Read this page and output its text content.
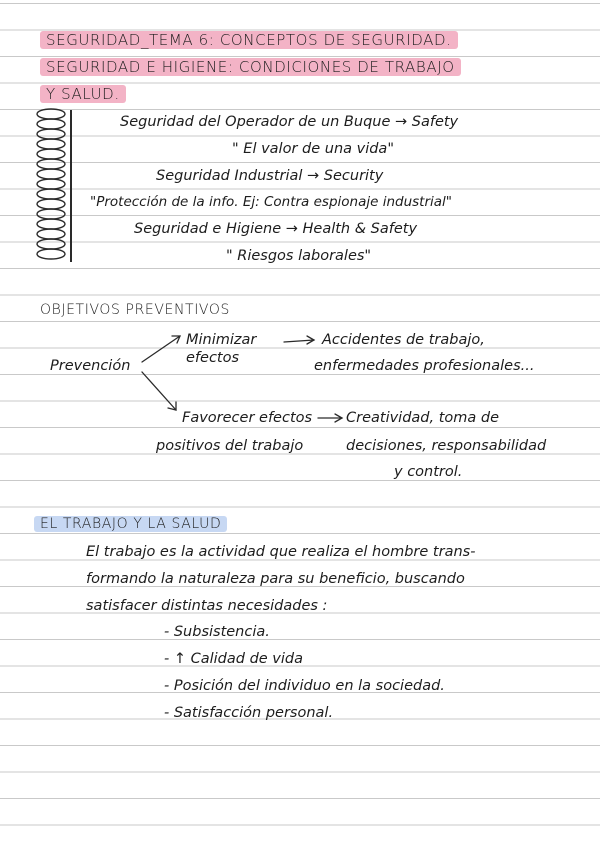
SEGURIDAD_TEMA 6: CONCEPTOS DE SEGURIDAD.
SEGURIDAD E HIGIENE: CONDICIONES DE TRABAJO
Y SALUD.
Seguridad del Operador de un Buque → Safety
" El valor de una vida"
Seguridad Industrial → Security
"Protección de la info. Ej: Contra espionaje industrial"
Seguridad e Higiene → Health & Safety
" Riesgos laborales"
OBJETIVOS PREVENTIVOS
Prevención
Minimizar
efectos
Accidentes de trabajo,
enfermedades profesionales...
Favorecer efectos
positivos del trabajo
Creatividad, toma de
decisiones, responsabilidad
y control.
EL TRABAJO Y LA SALUD
El trabajo es la actividad que realiza el hombre trans-
formando la naturaleza para su beneficio, buscando
satisfacer distintas necesidades :
- Subsistencia.
- ↑ Calidad de vida
- Posición del individuo en la sociedad.
- Satisfacción personal.
